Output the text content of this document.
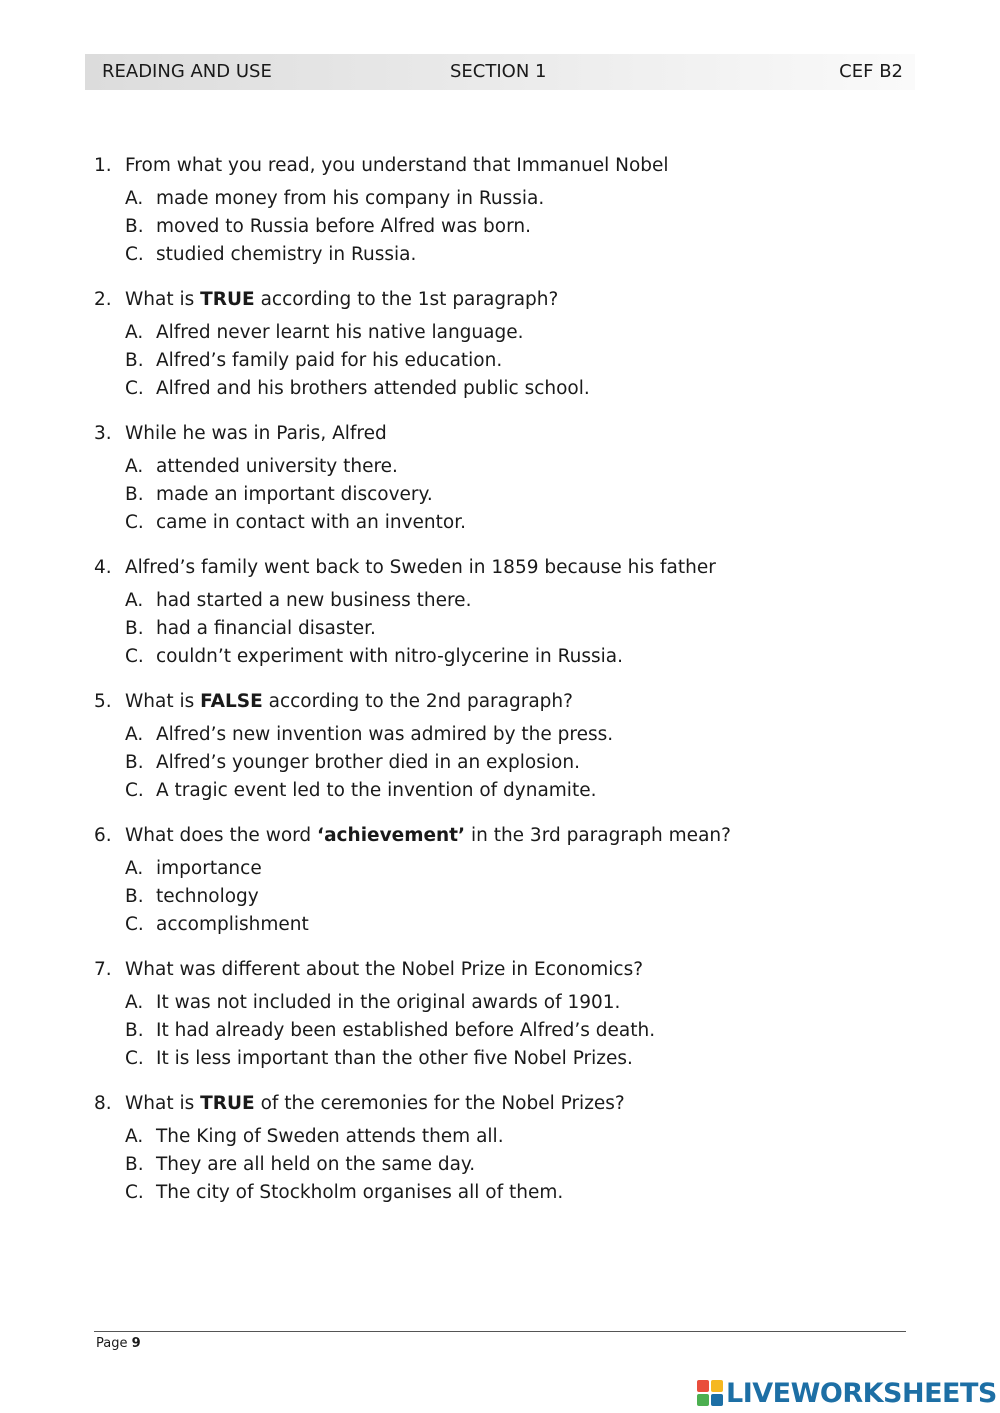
READING AND USE	SECTION 1	CEF B2
1. From what you read, you understand that Immanuel Nobel
A. made money from his company in Russia.
B. moved to Russia before Alfred was born.
C. studied chemistry in Russia.
2. What is TRUE according to the 1st paragraph?
A. Alfred never learnt his native language.
B. Alfred’s family paid for his education.
C. Alfred and his brothers attended public school.
3. While he was in Paris, Alfred
A. attended university there.
B. made an important discovery.
C. came in contact with an inventor.
4. Alfred’s family went back to Sweden in 1859 because his father
A. had started a new business there.
B. had a financial disaster.
C. couldn’t experiment with nitro-glycerine in Russia.
5. What is FALSE according to the 2nd paragraph?
A. Alfred’s new invention was admired by the press.
B. Alfred’s younger brother died in an explosion.
C. A tragic event led to the invention of dynamite.
6. What does the word ‘achievement’ in the 3rd paragraph mean?
A. importance
B. technology
C. accomplishment
7. What was different about the Nobel Prize in Economics?
A. It was not included in the original awards of 1901.
B. It had already been established before Alfred’s death.
C. It is less important than the other five Nobel Prizes.
8. What is TRUE of the ceremonies for the Nobel Prizes?
A. The King of Sweden attends them all.
B. They are all held on the same day.
C. The city of Stockholm organises all of them.
Page 9
LIVEWORKSHEETS
